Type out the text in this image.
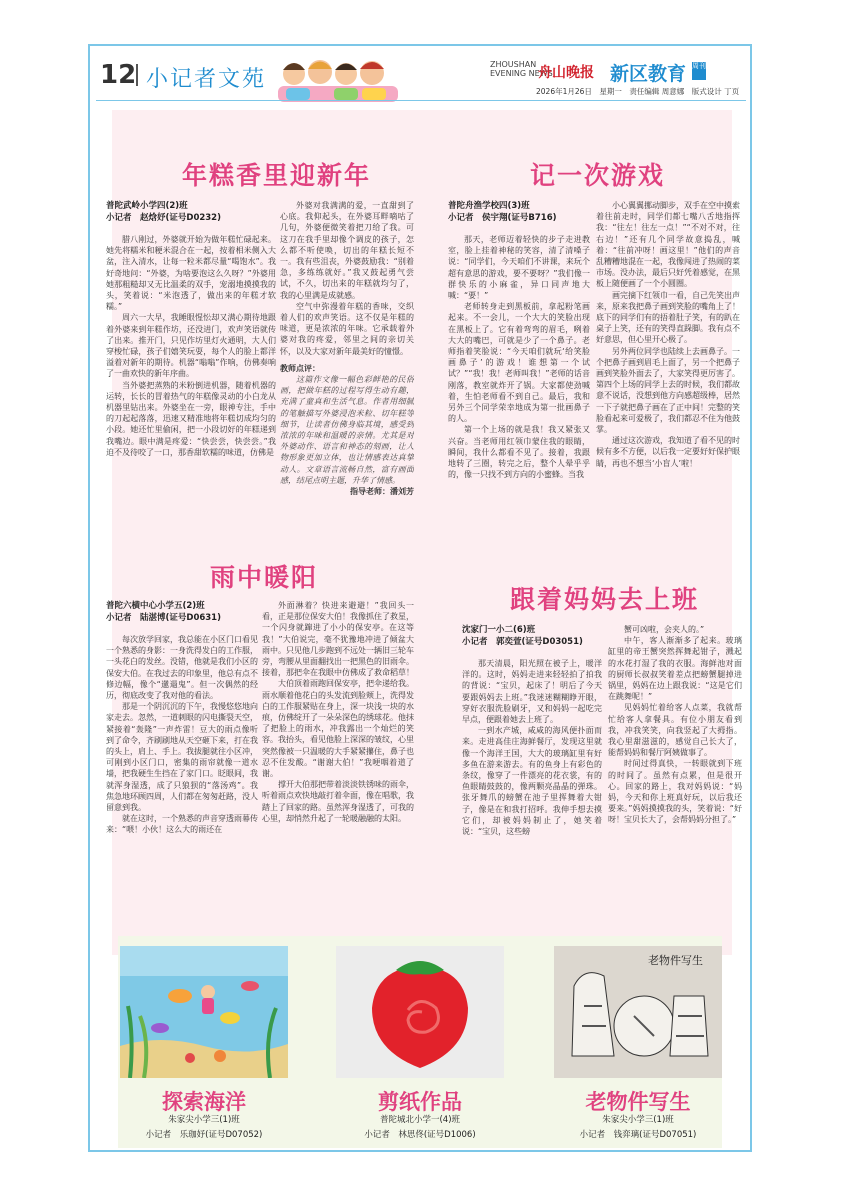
12 小记者文苑
ZHOUSHAN
EVENING NEWS
舟山晚报 新区教育 周刊
2026年1月26日　星期一　责任编辑 周意娜　版式设计 丁页
年糕香里迎新年
普陀武岭小学四(2)班
小记者　赵焓妤(证号D0232)

腊八刚过，外婆就开始为做年糕忙碌起来。她先将糯米和粳米混合在一起，按着相米侧入大盆，注入清水，让每一粒米都尽量“喝饱水”。我好奇地问：“外婆，为啥要泡这么久呀？”外婆用她那粗糙却又无比温柔的双手，宠溺地摸摸我的头，笑着说：“米泡透了，做出来的年糕才软糯。”

周六一大早，我睡眼惺忪却又满心期待地跟着外婆来到年糕作坊，还没进门，欢声笑语就传了出来。推开门，只见作坊里灯火通明，大人们穿梭忙碌，孩子们嬉笑玩耍，每个人的脸上都洋溢着对新年的期待。机器“嗡嗡”作响，仿佛奏响了一曲欢快的新年序曲。

当外婆把蒸熟的米粉倒进机器，随着机器的运转，长长的冒着热气的年糕像灵动的小白龙从机器里钻出来。外婆坐在一旁，眼神专注，手中的刀起起落落，迅速又精准地将年糕切成均匀的小段。她还忙里偷闲，把一小段切好的年糕递到我嘴边。眼中满是疼爱：“快尝尝，快尝尝。”我迫不及待咬了一口，那香甜软糯的味道，仿佛是

外婆对我满满的爱，一直甜到了心底。我仰起头，在外婆耳畔嘀咕了几句，外婆便微笑着把刀给了我。可这刀在我手里却像个调皮的孩子，怎么都不听使唤，切出的年糕长短不一。我有些沮丧，外婆鼓励我：“别着急，多练练就好。”我又鼓起勇气尝试，不久，切出来的年糕就均匀了，我的心里满是成就感。

空气中弥漫着年糕的香味，交织着人们的欢声笑语。这不仅是年糕的味道，更是浓浓的年味。它承载着外婆对我的疼爱，邻里之间的亲切关怀，以及大家对新年最美好的憧憬。

教师点评：

这篇作文像一幅色彩鲜艳的民俗画，把做年糕的过程写得生动有趣，充满了童真和生活气息。作者用细腻的笔触描写外婆浸泡米粒、切年糕等细节，让读者仿佛身临其境，感受到浓浓的年味和温暖的亲情。尤其是对外婆动作、语言和神态的刻画，让人物形象更加立体，也让情感表达真挚动人。文章语言流畅自然，富有画面感，结尾点明主题，升华了情感。

指导老师：潘刘芳

记一次游戏
普陀舟渔学校四(3)班
小记者　侯宇翔(证号B716)

那天，老师迈着轻快的步子走进教室，脸上挂着神秘的笑容，清了清嗓子说：“同学们，今天咱们不讲课，来玩个超有意思的游戏，要不要呀？”我们像一群快乐的小麻雀，异口同声地大喊：“要！”

老师转身走到黑板前，拿起粉笔画起来。不一会儿，一个大大的笑脸出现在黑板上了。它有着弯弯的眉毛，咧着大大的嘴巴，可就是少了一个鼻子。老师指着笑脸说：“今天咱们就玩‘给笑脸画鼻子’的游戏！谁想第一个试试？”“我！我！老师叫我！”老师的话音刚落，教室就炸开了锅。大家都使劲喊着，生怕老师看不到自己。最后，我和另外三个同学荣幸地成为第一批画鼻子的人。

第一个上场的就是我！我又紧张又兴奋。当老师用红领巾蒙住我的眼睛，瞬间，我什么都看不见了。接着，我跟地转了三圈，转完之后，整个人晕乎乎的，像一只找不到方向的小蜜蜂。当我

小心翼翼挪动脚步，双手在空中摸索着往前走时，同学们都七嘴八舌地指挥我：“往左！往左一点！”“不对不对，往右边！”还有几个同学故意捣乱，喊着：“往前冲呀！画这里！”他们的声音乱糟糟地混在一起，我像闯进了热闹的菜市场。没办法，最后只好凭着感觉，在黑板上随便画了一个小圆圈。

画完摘下红领巾一看，自己先笑出声来，原来我把鼻子画到笑脸的嘴角上了！底下的同学们有的捂着肚子笑，有的趴在桌子上笑，还有的笑得直跺脚。我有点不好意思，但心里开心极了。

另外两位同学也陆续上去画鼻子。一个把鼻子画到眉毛上面了，另一个把鼻子画到笑脸外面去了，大家笑得更厉害了。第四个上场的同学上去的时候，我们都故意不说话，没想到他方向感超级棒，居然一下子就把鼻子画在了正中间！完整的笑脸看起来可爱极了，我们都忍不住为他鼓掌。

通过这次游戏，我知道了看不见的时候有多不方便，以后我一定要好好保护眼睛，再也不想当‘小盲人’啦！

雨中暖阳
普陀六横中心小学五(2)班
小记者　陆湛博(证号D0631)

每次放学回家，我总能在小区门口看见一个熟悉的身影：一身洗得发白的工作服，一头花白的发丝。没错，他就是我们小区的保安大伯。在我过去的印象里，他总有点不修边幅，像个“邋遢鬼”。但一次偶然的经历，彻底改变了我对他的看法。

那是一个阴沉沉的下午，我慢悠悠地向家走去。忽然，一道刺眼的闪电撕裂天空，紧接着“轰隆”一声炸雷！豆大的雨点像听到了命令，齐刷刷地从天空砸下来，打在我的头上，肩上、手上。我拔腿就往小区冲，可刚到小区门口，密集的雨帘就像一道水墙，把我硬生生挡在了家门口。眨眼间，我就浑身湿透，成了只狼狈的“落汤鸡”。我焦急地环顾四周，人们都在匆匆赶路，没人留意到我。

就在这时，一个熟悉的声音穿透雨幕传来：“喂！小伙！这么大的雨还在

外面淋着？快进来避避！”我回头一看，正是那位保安大伯！我像抓住了救星，一个闪身就蹿进了小小的保安亭。在这等我！”大伯说完，毫不犹豫地冲进了倾盆大雨中。只见他几步跑到不远处一辆旧三轮车旁，弯腰从里面翻找出一把黑色的旧雨伞。接着，那把伞在我眼中仿佛成了救命稻草！

大伯顶着雨跑回保安亭，把伞递给我。雨水顺着他花白的头发流到脸颊上，洗得发白的工作服紧贴在身上，深一块浅一块的水痕，仿佛绽开了一朵朵深色的绣球花。他抹了把脸上的雨水，冲我露出一个灿烂的笑容。我抬头，看见他脸上深深的皱纹，心里突然像被一只温暖的大手紧紧攥住，鼻子也忍不住发酸。“谢谢大伯！”我哽咽着道了谢。

撑开大伯那把带着淡淡铁锈味的雨伞，听着雨点欢快地敲打着伞面，像在唱歌，我踏上了回家的路。虽然浑身湿透了，可我的心里，却悄然升起了一轮暖融融的太阳。

跟着妈妈去上班
沈家门一小二(6)班
小记者　郭奕萱(证号D03051)

那天清晨，阳光照在被子上，暖洋洋的。这时，妈妈走进来轻轻拍了拍我的背说：“宝贝，起床了！明后了今天要跟妈妈去上班。”我迷迷糊糊睁开眼，穿好衣服洗脸刷牙，又和妈妈一起吃完早点，便跟着她去上班了。

一到水产城，咸咸的海风便扑面而来。走进高佳庄海鲜餐厅，发现这里就像一个海洋王国，大大的玻璃缸里有好多鱼在游来游去。有的鱼身上有彩色的条纹，像穿了一件漂亮的花衣裳，有的鱼眼睛鼓鼓的，像两颗亮晶晶的弹珠。张牙舞爪的螃蟹在池子里挥舞着大钳子，像是在和我打招呼。我伸手想去摸它们，却被妈妈制止了，她笑着说：“宝贝，这些螃

蟹可凶啦，会夹人的。”

中午，客人渐渐多了起来。玻璃缸里的帝王蟹突然挥舞起钳子，溅起的水花打湿了我的衣服。海鲜池对面的厨师长叔叔笑着差点把螃蟹腿掉进锅里，妈妈在边上跟我说：“这是它们在跳舞呢！”

见妈妈忙着给客人点菜，我就帮忙给客人拿餐具。有位小朋友看到我，冲我笑笑，向我竖起了大拇指。我心里甜滋滋的，感觉自己长大了，能帮妈妈和餐厅阿姨做事了。

时间过得真快，一转眼就到下班的时间了。虽然有点累，但是很开心。回家的路上，我对妈妈说：“妈妈，今天和你上班真好玩，以后我还要来。”妈妈摸摸我的头，笑着说：“好呀！宝贝长大了，会帮妈妈分担了。”

老物件写生
探索海洋
朱家尖小学三(1)班
小记者　乐珈妤(证号D07052)
剪纸作品
普陀城北小学一(4)班
小记者　林思佟(证号D1006)
老物件写生
朱家尖小学三(1)班
小记者　钱弈璃(证号D07051)
